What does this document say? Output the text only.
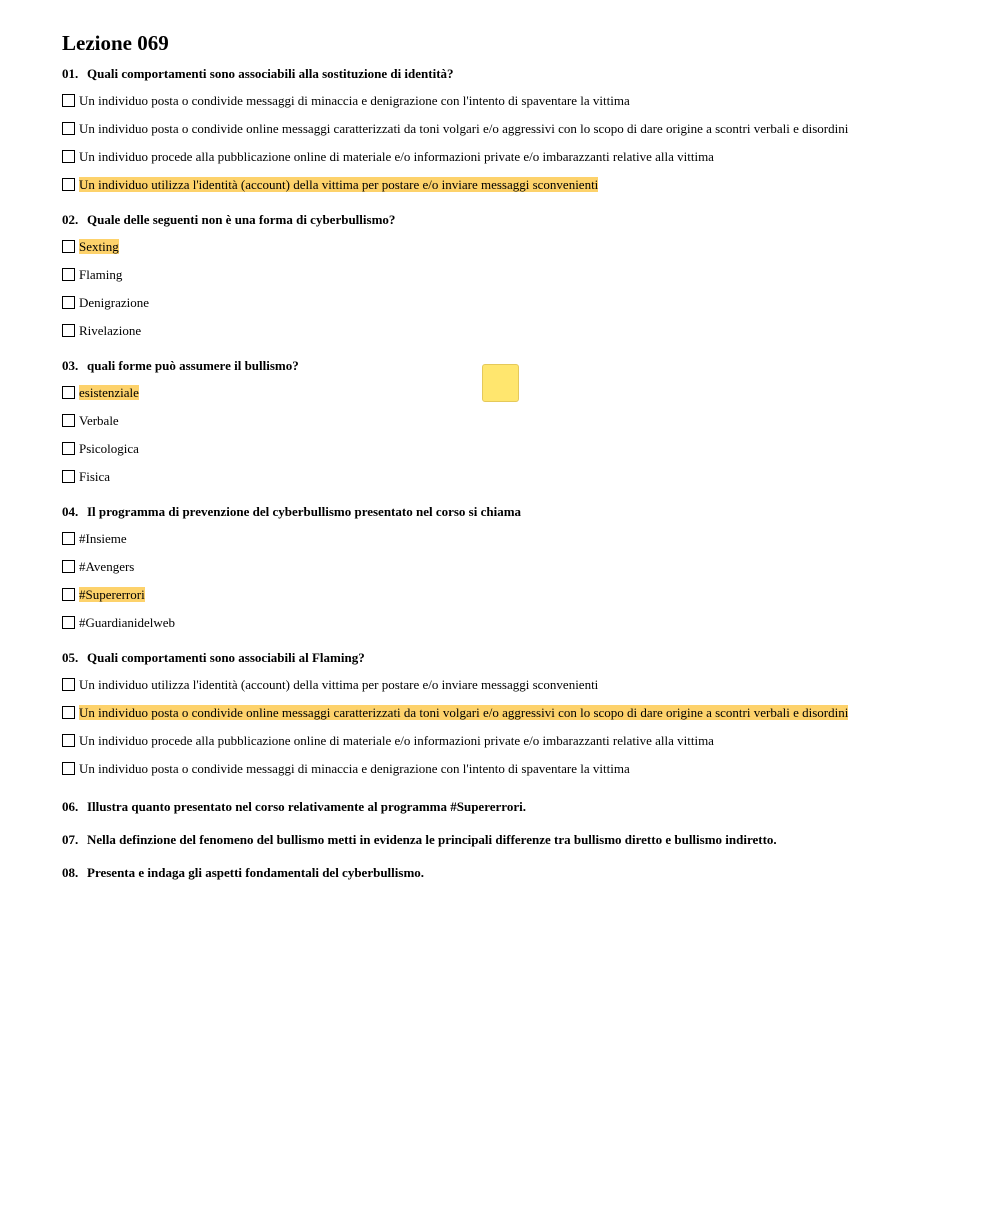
Lezione 069
01. Quali comportamenti sono associabili alla sostituzione di identità?
Un individuo posta o condivide messaggi di minaccia e denigrazione con l'intento di spaventare la vittima
Un individuo posta o condivide online messaggi caratterizzati da toni volgari e/o aggressivi con lo scopo di dare origine a scontri verbali e disordini
Un individuo procede alla pubblicazione online di materiale e/o informazioni private e/o imbarazzanti relative alla vittima
Un individuo utilizza l'identità (account) della vittima per postare e/o inviare messaggi sconvenienti
02. Quale delle seguenti non è una forma di cyberbullismo?
Sexting
Flaming
Denigrazione
Rivelazione
03. quali forme può assumere il bullismo?
esistenziale
Verbale
Psicologica
Fisica
04. Il programma di prevenzione del cyberbullismo presentato nel corso si chiama
#Insieme
#Avengers
#Supererrori
#Guardianidelweb
05. Quali comportamenti sono associabili al Flaming?
Un individuo utilizza l'identità (account) della vittima per postare e/o inviare messaggi sconvenienti
Un individuo posta o condivide online messaggi caratterizzati da toni volgari e/o aggressivi con lo scopo di dare origine a scontri verbali e disordini
Un individuo procede alla pubblicazione online di materiale e/o informazioni private e/o imbarazzanti relative alla vittima
Un individuo posta o condivide messaggi di minaccia e denigrazione con l'intento di spaventare la vittima
06. Illustra quanto presentato nel corso relativamente al programma #Supererrori.
07. Nella definzione del fenomeno del bullismo metti in evidenza le principali differenze tra bullismo diretto e bullismo indiretto.
08. Presenta e indaga gli aspetti fondamentali del cyberbullismo.
